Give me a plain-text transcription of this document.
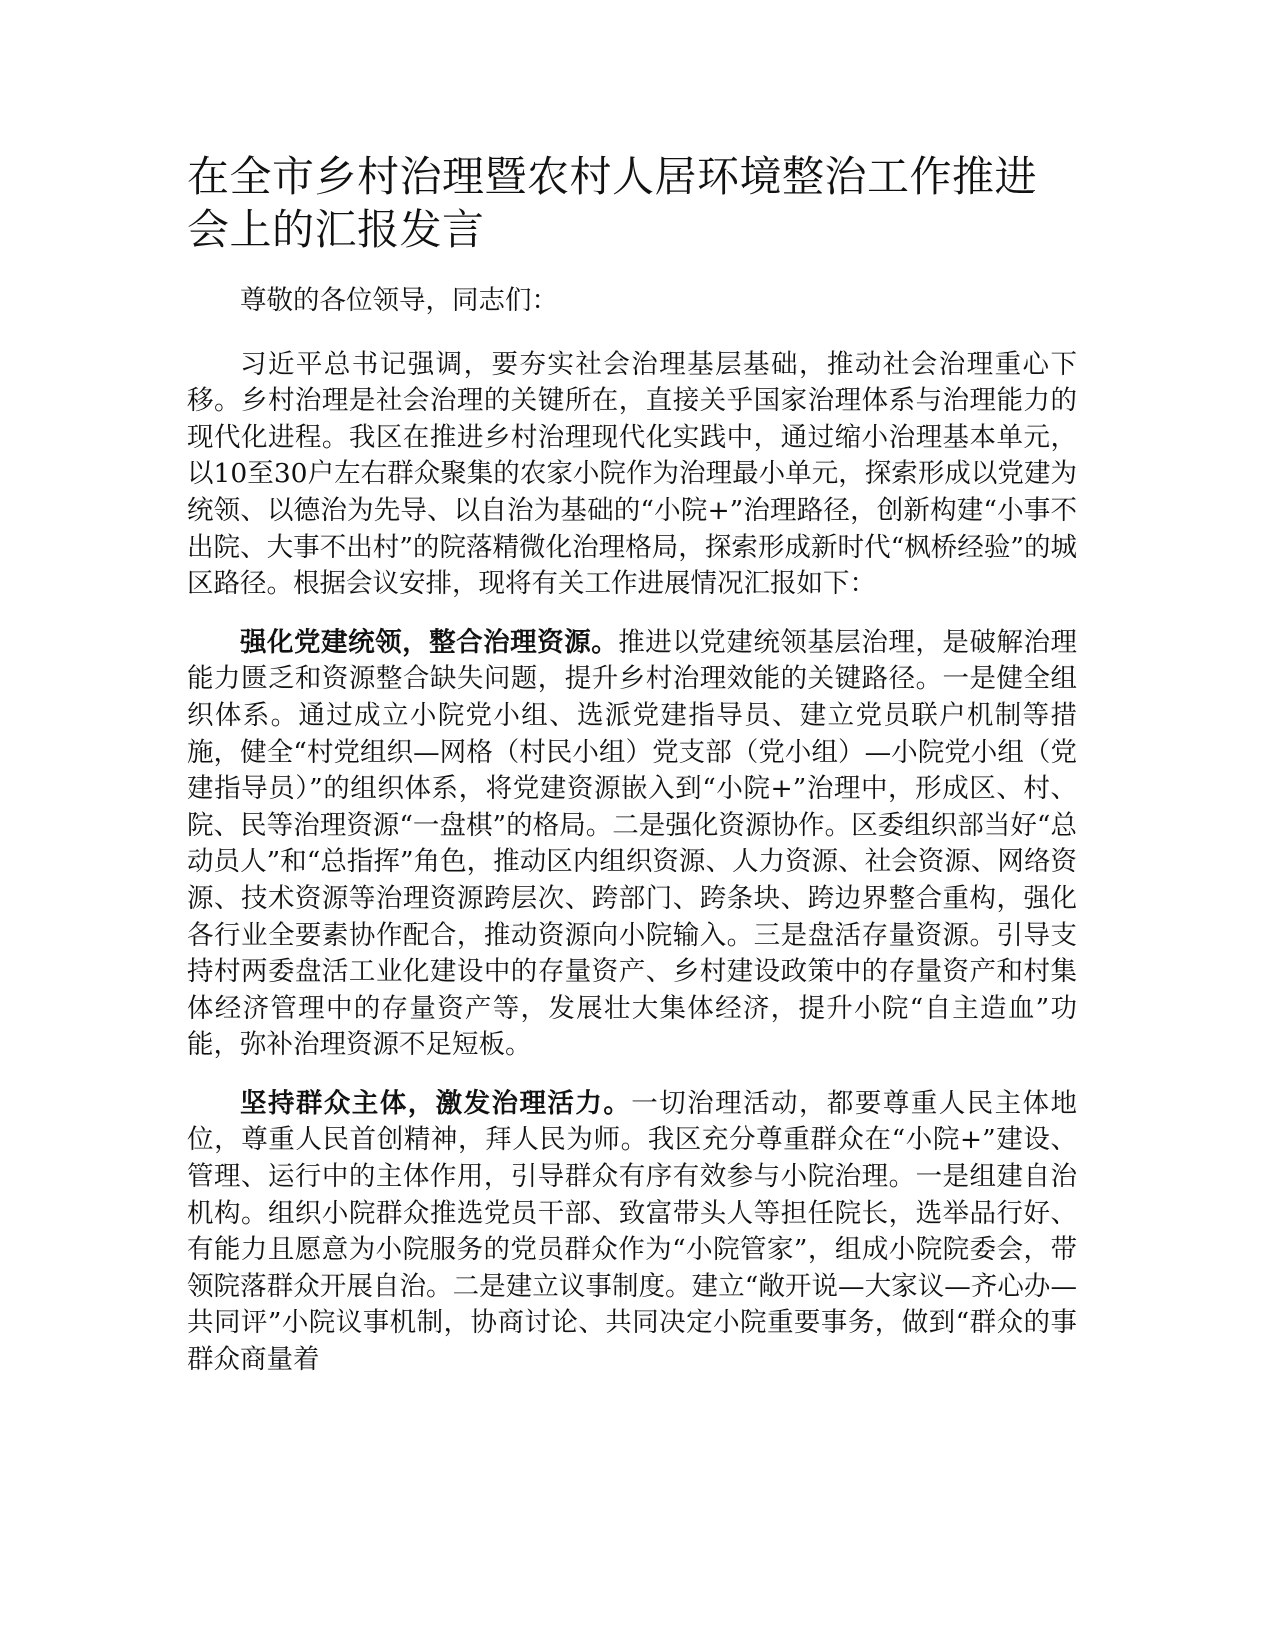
在全市乡村治理暨农村人居环境整治工作推进会上的汇报发言

尊敬的各位领导，同志们：

习近平总书记强调，要夯实社会治理基层基础，推动社会治理重心下移。乡村治理是社会治理的关键所在，直接关乎国家治理体系与治理能力的现代化进程。我区在推进乡村治理现代化实践中，通过缩小治理基本单元，以10至30户左右群众聚集的农家小院作为治理最小单元，探索形成以党建为统领、以德治为先导、以自治为基础的“小院+”治理路径，创新构建“小事不出院、大事不出村”的院落精微化治理格局，探索形成新时代“枫桥经验”的城区路径。根据会议安排，现将有关工作进展情况汇报如下：

强化党建统领，整合治理资源。推进以党建统领基层治理，是破解治理能力匮乏和资源整合缺失问题，提升乡村治理效能的关键路径。一是健全组织体系。通过成立小院党小组、选派党建指导员、建立党员联户机制等措施，健全“村党组织—网格（村民小组）党支部（党小组）—小院党小组（党建指导员）”的组织体系，将党建资源嵌入到“小院+”治理中，形成区、村、院、民等治理资源“一盘棋”的格局。二是强化资源协作。区委组织部当好“总动员人”和“总指挥”角色，推动区内组织资源、人力资源、社会资源、网络资源、技术资源等治理资源跨层次、跨部门、跨条块、跨边界整合重构，强化各行业全要素协作配合，推动资源向小院输入。三是盘活存量资源。引导支持村两委盘活工业化建设中的存量资产、乡村建设政策中的存量资产和村集体经济管理中的存量资产等，发展壮大集体经济，提升小院“自主造血”功能，弥补治理资源不足短板。

坚持群众主体，激发治理活力。一切治理活动，都要尊重人民主体地位，尊重人民首创精神，拜人民为师。我区充分尊重群众在“小院+”建设、管理、运行中的主体作用，引导群众有序有效参与小院治理。一是组建自治机构。组织小院群众推选党员干部、致富带头人等担任院长，选举品行好、有能力且愿意为小院服务的党员群众作为“小院管家”，组成小院院委会，带领院落群众开展自治。二是建立议事制度。建立“敞开说—大家议—齐心办—共同评”小院议事机制，协商讨论、共同决定小院重要事务，做到“群众的事群众商量着
